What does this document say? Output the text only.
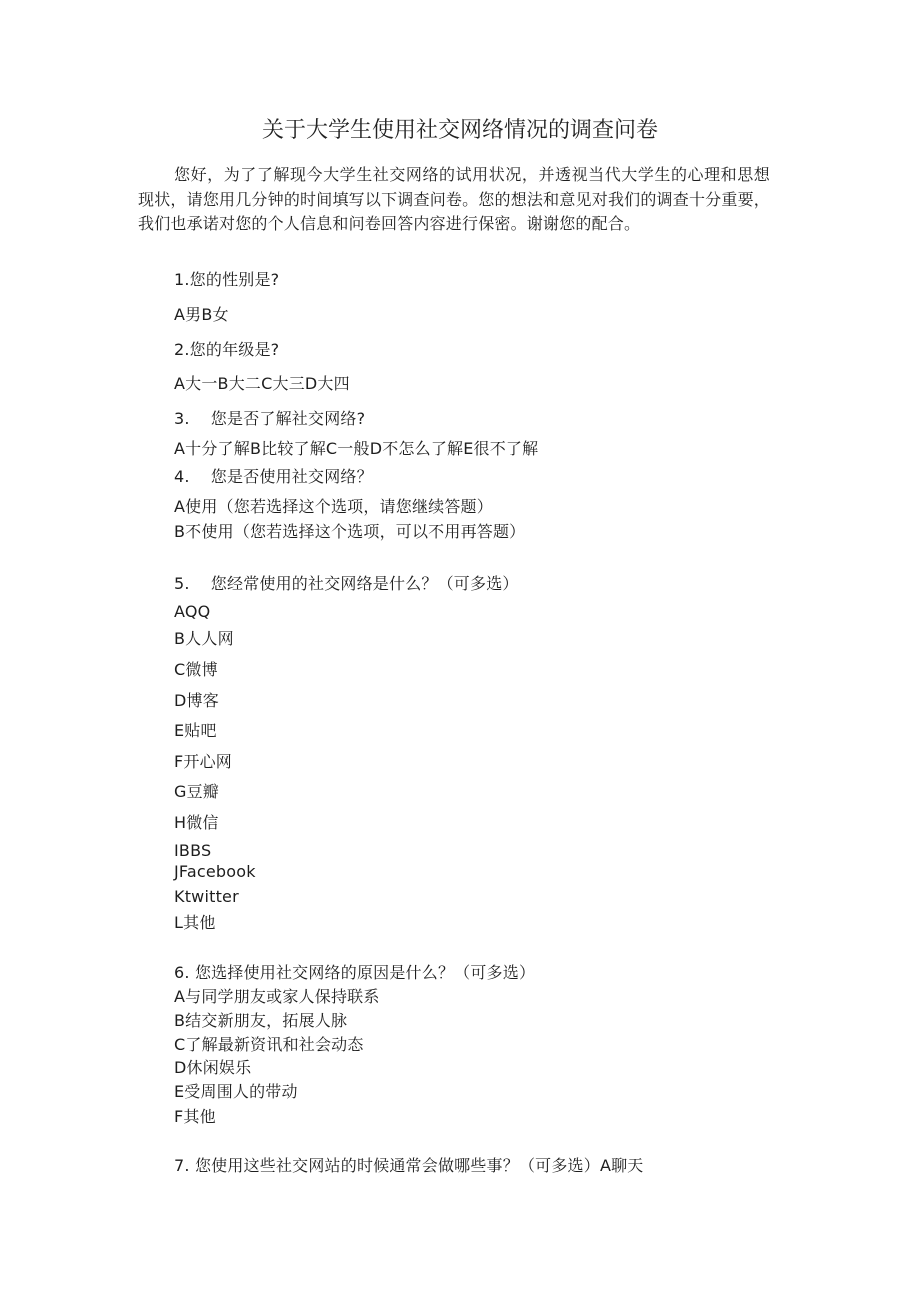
关于大学生使用社交网络情况的调查问卷
您好，为了了解现今大学生社交网络的试用状况，并透视当代大学生的心理和思想现状，请您用几分钟的时间填写以下调查问卷。您的想法和意见对我们的调查十分重要，我们也承诺对您的个人信息和问卷回答内容进行保密。谢谢您的配合。
1.您的性别是?
A男B女
2.您的年级是?
A大一B大二C大三D大四
3.    您是否了解社交网络?
A十分了解B比较了解C一般D不怎么了解E很不了解
4.    您是否使用社交网络？
A使用（您若选择这个选项，请您继续答题）
B不使用（您若选择这个选项，可以不用再答题）
5.    您经常使用的社交网络是什么？（可多选）
AQQ
B人人网
C微博
D博客
E贴吧
F开心网
G豆瓣
H微信
IBBS
JFacebook
Ktwitter
L其他
6. 您选择使用社交网络的原因是什么？（可多选）
A与同学朋友或家人保持联系
B结交新朋友，拓展人脉
C了解最新资讯和社会动态
D休闲娱乐
E受周围人的带动
F其他
7. 您使用这些社交网站的时候通常会做哪些事？（可多选）A聊天
